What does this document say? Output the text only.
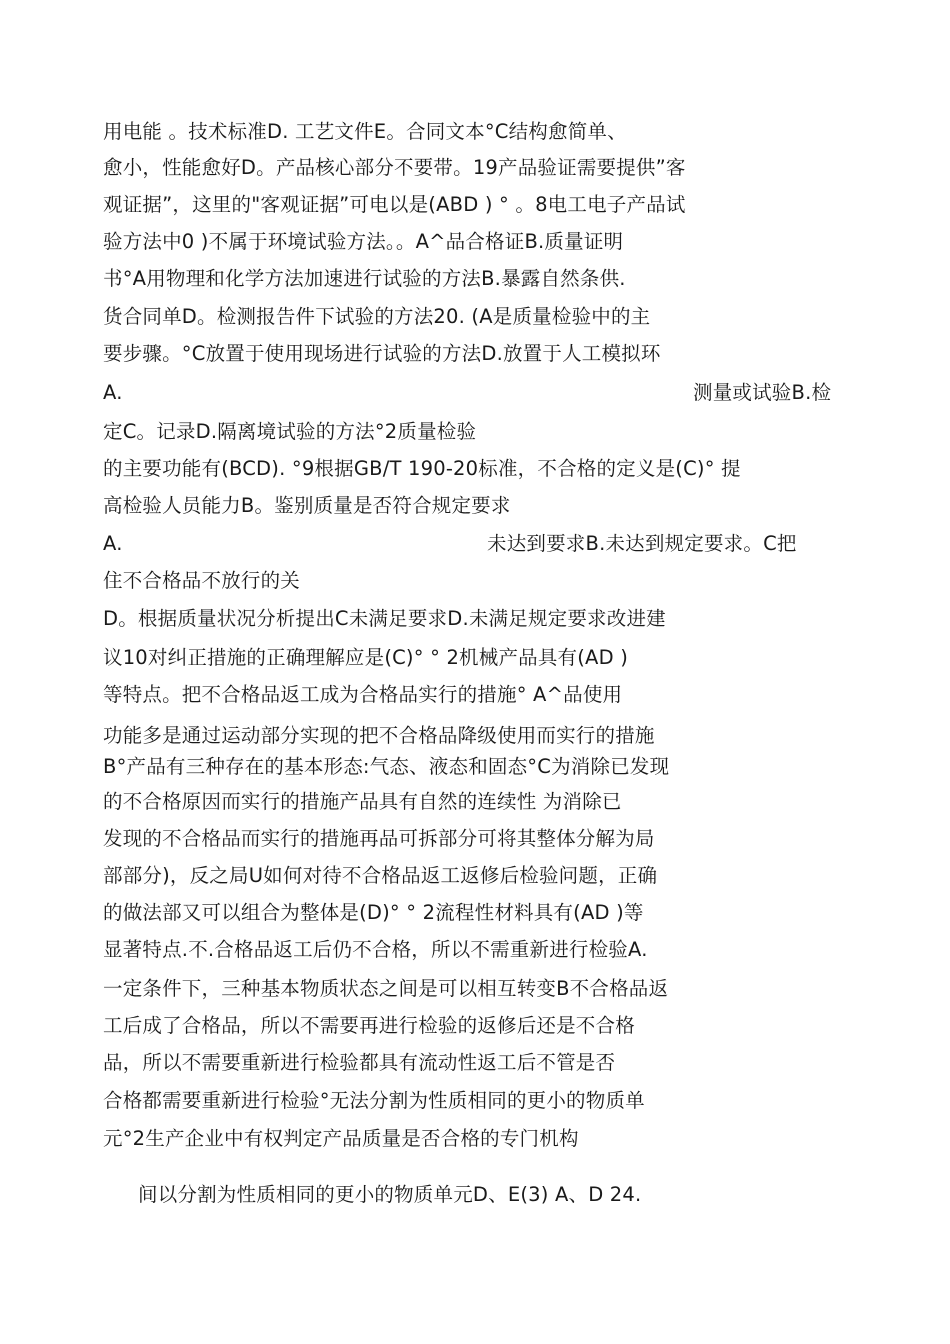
用电能 。技术标准D. 工艺文件E。合同文本°C结构愈简单、
愈小，性能愈好D。产品核心部分不要带。19产品验证需要提供”客
观证据”，这里的"客观证据”可电以是(ABD ) ° 。8电工电子产品试
验方法中0 )不属于环境试验方法。。A^品合格证B.质量证明
书°A用物理和化学方法加速进行试验的方法B.暴露自然条供.
货合同单D。检测报告件下试验的方法20. (A是质量检验中的主
要步骤。°C放置于使用现场进行试验的方法D.放置于人工模拟环
A.	测量或试验B.检
定C。记录D.隔离境试验的方法°2质量检验
的主要功能有(BCD). °9根据GB/T 190-20标准，不合格的定义是(C)° 提
高检验人员能力B。鉴别质量是否符合规定要求
A.	未达到要求B.未达到规定要求。C把
住不合格品不放行的关
D。根据质量状况分析提出C未满足要求D.未满足规定要求改进建
议10对纠正措施的正确理解应是(C)° ° 2机械产品具有(AD )
等特点。把不合格品返工成为合格品实行的措施° A^品使用
功能多是通过运动部分实现的把不合格品降级使用而实行的措施
B°产品有三种存在的基本形态:气态、液态和固态°C为消除已发现
的不合格原因而实行的措施产品具有自然的连续性 为消除已
发现的不合格品而实行的措施再品可拆部分可将其整体分解为局
部部分)，反之局U如何对待不合格品返工返修后检验问题，正确
的做法部又可以组合为整体是(D)° ° 2流程性材料具有(AD )等
显著特点.不.合格品返工后仍不合格，所以不需重新进行检验A.
一定条件下，三种基本物质状态之间是可以相互转变B不合格品返
工后成了合格品，所以不需要再进行检验的返修后还是不合格
品，所以不需要重新进行检验都具有流动性返工后不管是否
合格都需要重新进行检验°无法分割为性质相同的更小的物质单
元°2生产企业中有权判定产品质量是否合格的专门机构
间以分割为性质相同的更小的物质单元D、E(3) A、D 24.
